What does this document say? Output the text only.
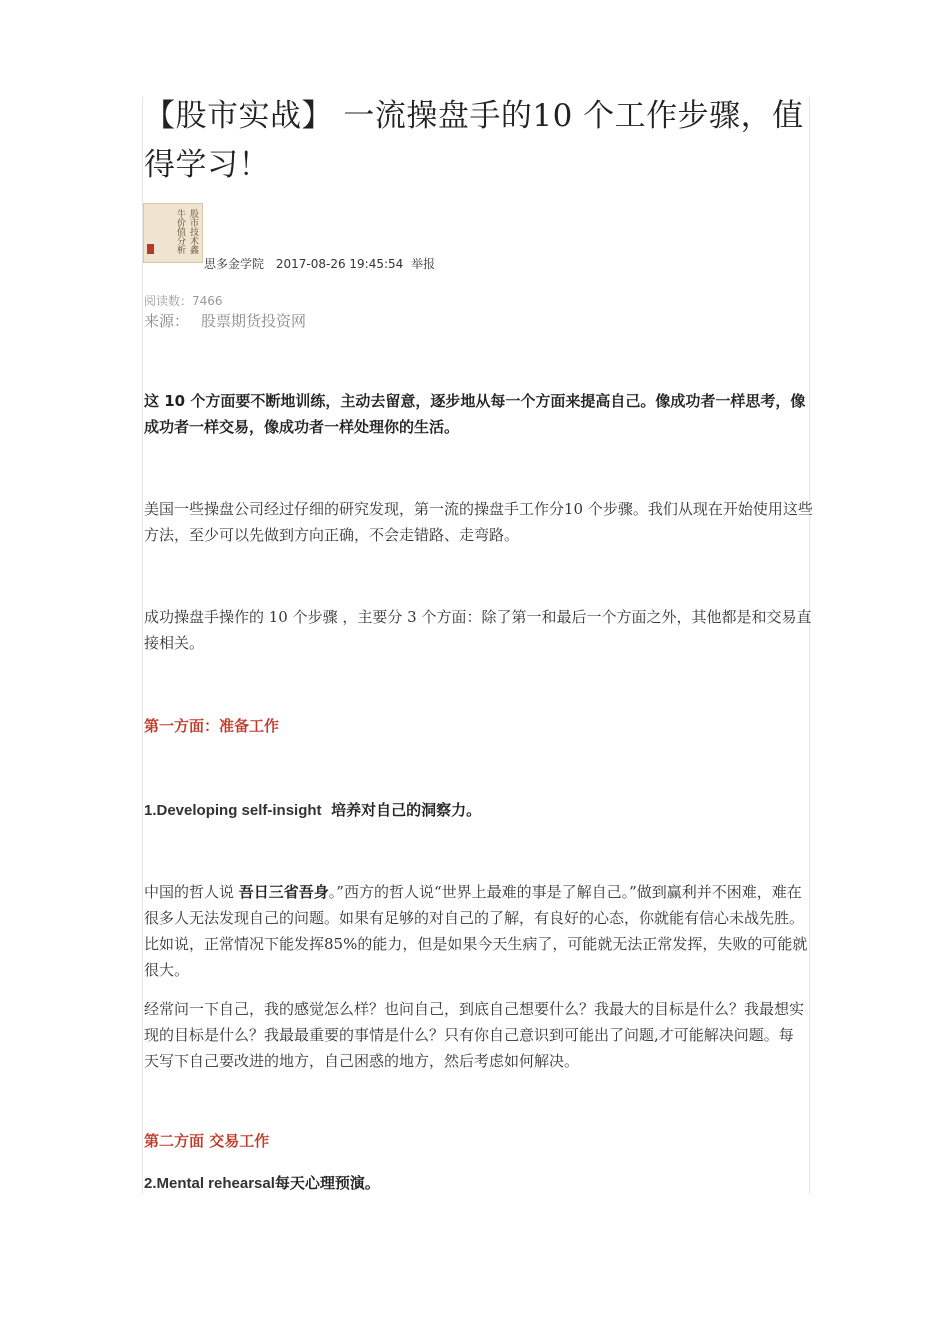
【股市实战】 一流操盘手的10 个工作步骤，值得学习！
股市技术鑫牛价值分析
思多金学院 2017-08-26 19:45:54 举报
阅读数：7466
来源： 股票期货投资网

这 10 个方面要不断地训练，主动去留意，逐步地从每一个方面来提高自己。像成功者一样思考，像成功者一样交易，像成功者一样处理你的生活。

美国一些操盘公司经过仔细的研究发现，第一流的操盘手工作分10 个步骤。我们从现在开始使用这些方法，至少可以先做到方向正确，不会走错路、走弯路。

成功操盘手操作的 10 个步骤 ，主要分 3 个方面：除了第一和最后一个方面之外，其他都是和交易直接相关。

第一方面：准备工作

1.Developing self-insight 培养对自己的洞察力。

中国的哲人说 吾日三省吾身。”西方的哲人说“世界上最难的事是了解自己。”做到赢利并不困难，难在很多人无法发现自己的问题。如果有足够的对自己的了解，有良好的心态，你就能有信心未战先胜。比如说，正常情况下能发挥85%的能力，但是如果今天生病了，可能就无法正常发挥，失败的可能就很大。

经常问一下自己，我的感觉怎么样？也问自己，到底自己想要什么？我最大的目标是什么？我最想实现的目标是什么？我最最重要的事情是什么？只有你自己意识到可能出了问题,才可能解决问题。每天写下自己要改进的地方，自己困惑的地方，然后考虑如何解决。

第二方面 交易工作

2.Mental rehearsal每天心理预演。
